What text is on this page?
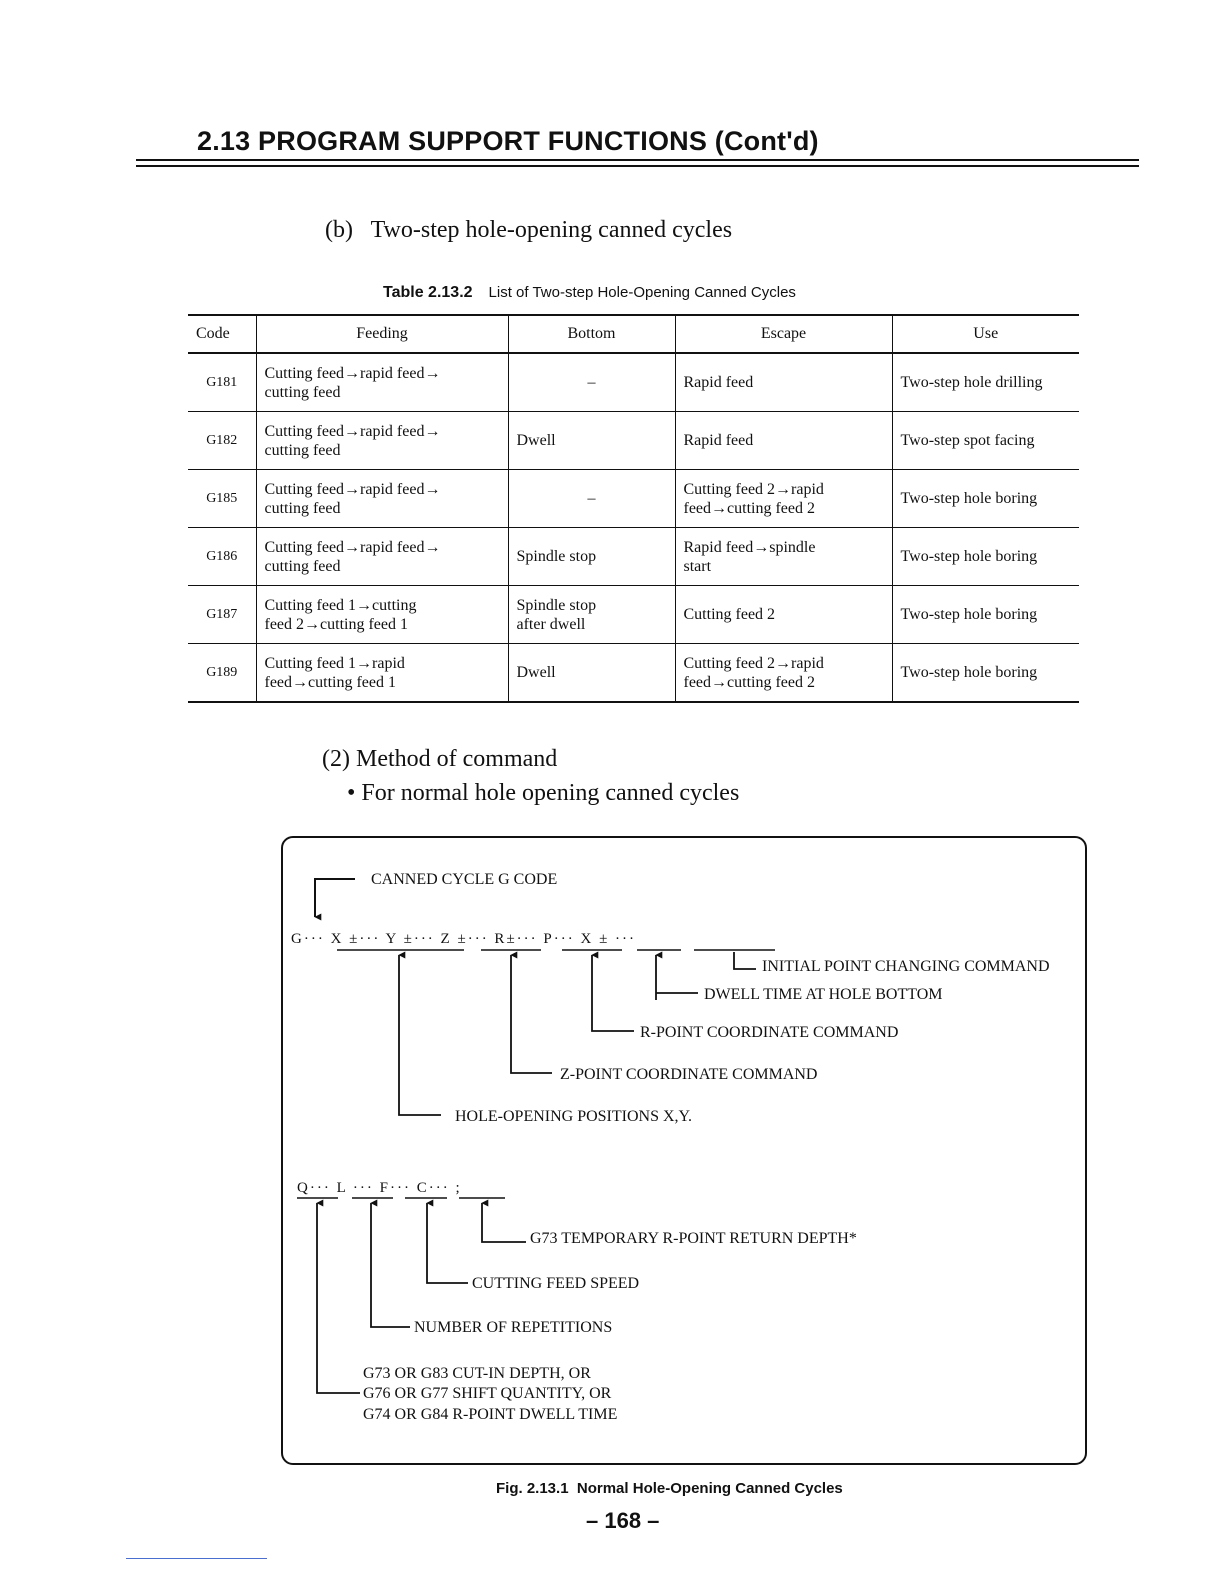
2.13 PROGRAM SUPPORT FUNCTIONS (Cont'd)
(b) Two-step hole-opening canned cycles
Table 2.13.2 List of Two-step Hole-Opening Canned Cycles
Code	Feeding	Bottom	Escape	Use
G181	Cutting feed→rapid feed→
cutting feed	–	Rapid feed	Two-step hole drilling
G182	Cutting feed→rapid feed→
cutting feed	Dwell	Rapid feed	Two-step spot facing
G185	Cutting feed→rapid feed→
cutting feed	–	Cutting feed 2→rapid
feed→cutting feed 2	Two-step hole boring
G186	Cutting feed→rapid feed→
cutting feed	Spindle stop	Rapid feed→spindle
start	Two-step hole boring
G187	Cutting feed 1→cutting
feed 2→cutting feed 1	Spindle stop
after dwell	Cutting feed 2	Two-step hole boring
G189	Cutting feed 1→rapid
feed→cutting feed 1	Dwell	Cutting feed 2→rapid
feed→cutting feed 2	Two-step hole boring
(2) Method of command
• For normal hole opening canned cycles
CANNED CYCLE G CODE
G··· X ±··· Y ±··· Z ±··· R±··· P··· X ± ···
INITIAL POINT CHANGING COMMAND
DWELL TIME AT HOLE BOTTOM
R-POINT COORDINATE COMMAND
Z-POINT COORDINATE COMMAND
HOLE-OPENING POSITIONS X,Y.
Q··· L ··· F··· C··· ;
G73 TEMPORARY R-POINT RETURN DEPTH*
CUTTING FEED SPEED
NUMBER OF REPETITIONS
G73 OR G83 CUT-IN DEPTH, OR
G76 OR G77 SHIFT QUANTITY, OR
G74 OR G84 R-POINT DWELL TIME
Fig. 2.13.1 Normal Hole-Opening Canned Cycles
– 168 –
